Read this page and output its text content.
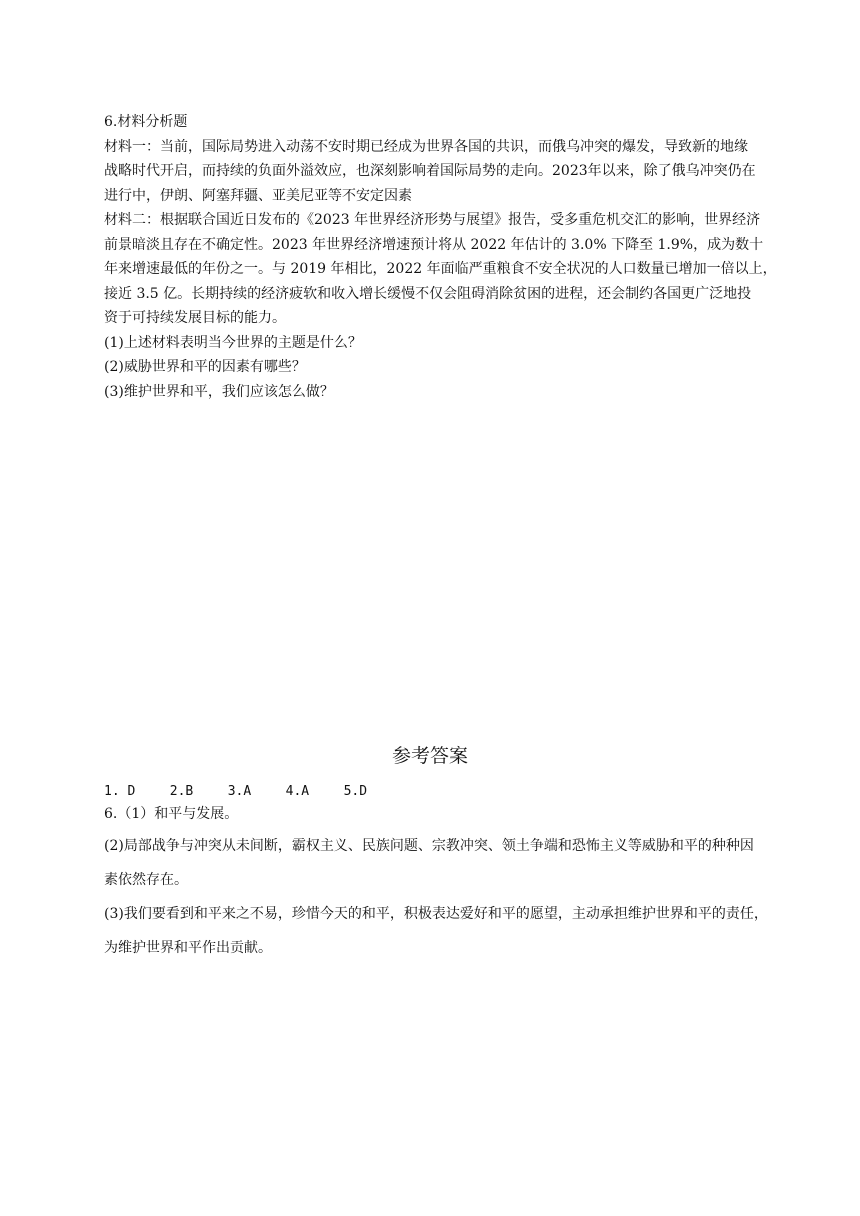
6.材料分析题
材料一：当前，国际局势进入动荡不安时期已经成为世界各国的共识，而俄乌冲突的爆发，导致新的地缘
战略时代开启，而持续的负面外溢效应，也深刻影响着国际局势的走向。2023年以来，除了俄乌冲突仍在
进行中，伊朗、阿塞拜疆、亚美尼亚等不安定因素
材料二：根据联合国近日发布的《2023 年世界经济形势与展望》报告，受多重危机交汇的影响，世界经济
前景暗淡且存在不确定性。2023 年世界经济增速预计将从 2022 年估计的 3.0% 下降至 1.9%，成为数十
年来增速最低的年份之一。与 2019 年相比，2022 年面临严重粮食不安全状况的人口数量已增加一倍以上，
接近 3.5 亿。长期持续的经济疲软和收入增长缓慢不仅会阻碍消除贫困的进程，还会制约各国更广泛地投
资于可持续发展目标的能力。
(1)上述材料表明当今世界的主题是什么？
(2)威胁世界和平的因素有哪些？
(3)维护世界和平，我们应该怎么做？
参考答案
1. D	2.B	3.A	4.A	5.D
6.（1）和平与发展。
(2)局部战争与冲突从未间断，霸权主义、民族问题、宗教冲突、领土争端和恐怖主义等威胁和平的种种因
素依然存在。
(3)我们要看到和平来之不易，珍惜今天的和平，积极表达爱好和平的愿望，主动承担维护世界和平的责任，
为维护世界和平作出贡献。
